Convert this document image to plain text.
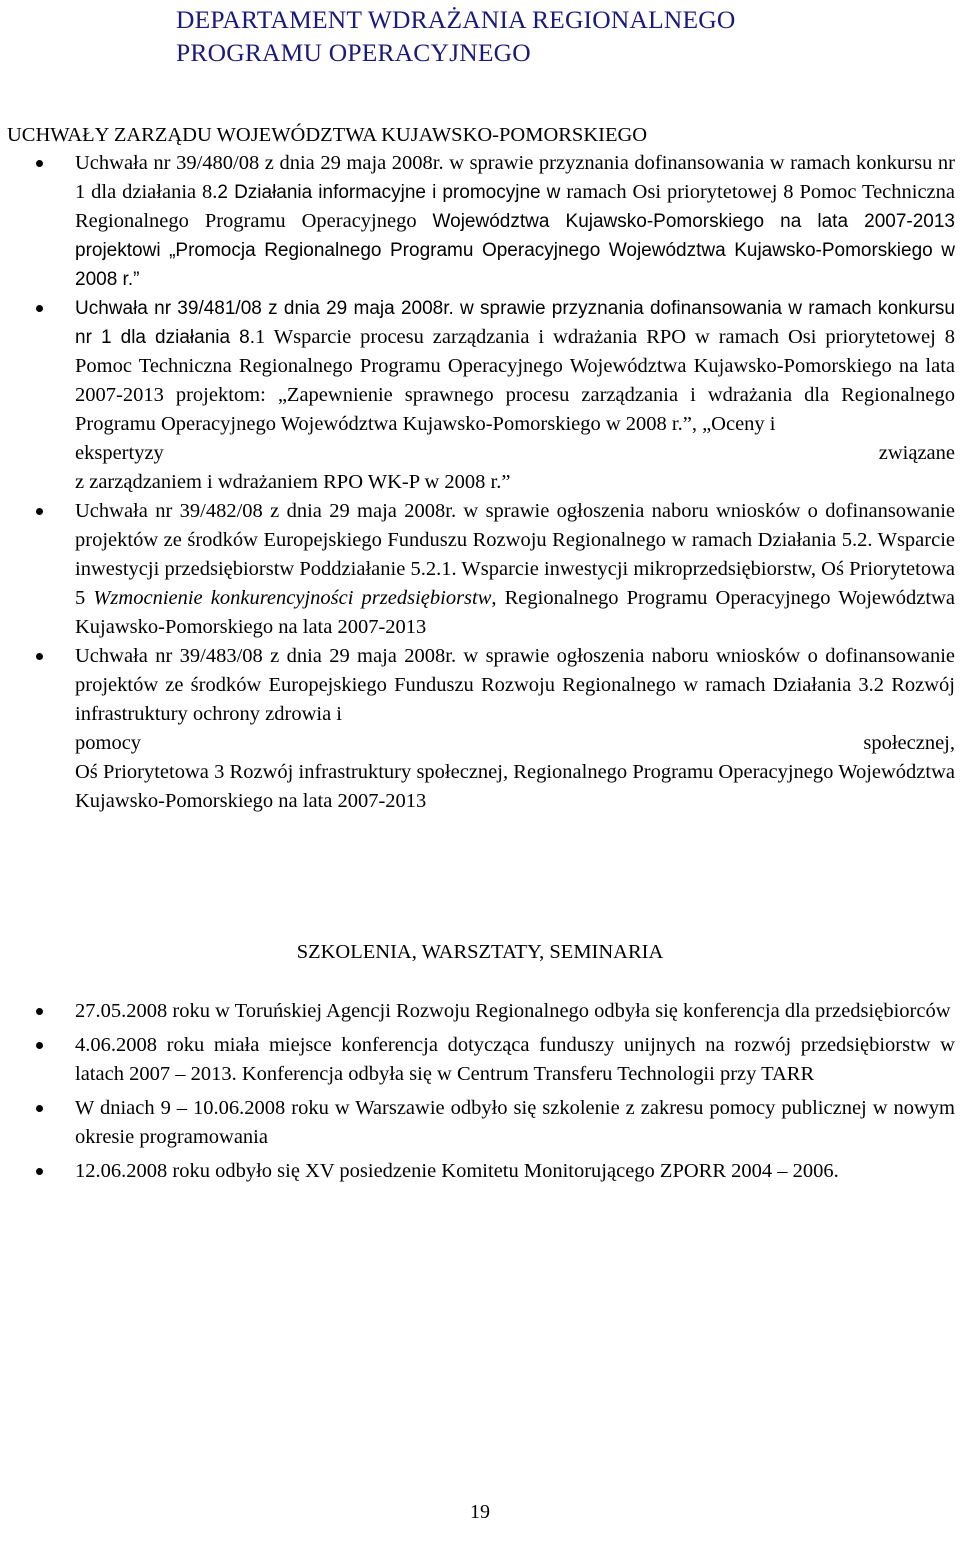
DEPARTAMENT WDRAŻANIA REGIONALNEGO
PROGRAMU OPERACYJNEGO
UCHWAŁY ZARZĄDU WOJEWÓDZTWA KUJAWSKO-POMORSKIEGO

Uchwała nr 39/480/08 z dnia 29 maja 2008r. w sprawie przyznania dofinansowania w ramach konkursu nr 1 dla działania 8.2 Działania informacyjne i promocyjne w ramach Osi priorytetowej 8 Pomoc Techniczna Regionalnego Programu Operacyjnego Województwa Kujawsko-Pomorskiego na lata 2007-2013 projektowi „Promocja Regionalnego Programu Operacyjnego Województwa Kujawsko-Pomorskiego w 2008 r.”

Uchwała nr 39/481/08 z dnia 29 maja 2008r. w sprawie przyznania dofinansowania w ramach konkursu nr 1 dla działania 8.1 Wsparcie procesu zarządzania i wdrażania RPO w ramach Osi priorytetowej 8 Pomoc Techniczna Regionalnego Programu Operacyjnego Województwa Kujawsko-Pomorskiego na lata 2007-2013 projektom: „Zapewnienie sprawnego procesu zarządzania i wdrażania dla Regionalnego Programu Operacyjnego Województwa Kujawsko-Pomorskiego w 2008 r.”, „Oceny i

ekspertyzy	związane

z zarządzaniem i wdrażaniem RPO WK-P w 2008 r.”

Uchwała nr 39/482/08 z dnia 29 maja 2008r. w sprawie ogłoszenia naboru wniosków o dofinansowanie projektów ze środków Europejskiego Funduszu Rozwoju Regionalnego w ramach Działania 5.2. Wsparcie inwestycji przedsiębiorstw Poddziałanie 5.2.1. Wsparcie inwestycji mikroprzedsiębiorstw, Oś Priorytetowa 5 Wzmocnienie konkurencyjności przedsiębiorstw, Regionalnego Programu Operacyjnego Województwa Kujawsko-Pomorskiego na lata 2007-2013

Uchwała nr 39/483/08 z dnia 29 maja 2008r. w sprawie ogłoszenia naboru wniosków o dofinansowanie projektów ze środków Europejskiego Funduszu Rozwoju Regionalnego w ramach Działania 3.2 Rozwój infrastruktury ochrony zdrowia i

pomocy	społecznej,

Oś Priorytetowa 3 Rozwój infrastruktury społecznej, Regionalnego Programu Operacyjnego Województwa Kujawsko-Pomorskiego na lata 2007-2013

SZKOLENIA, WARSZTATY, SEMINARIA

27.05.2008 roku w Toruńskiej Agencji Rozwoju Regionalnego odbyła się konferencja dla przedsiębiorców

4.06.2008 roku miała miejsce konferencja dotycząca funduszy unijnych na rozwój przedsiębiorstw w latach 2007 – 2013. Konferencja odbyła się w Centrum Transferu Technologii przy TARR

W dniach 9 – 10.06.2008 roku w Warszawie odbyło się szkolenie z zakresu pomocy publicznej w nowym okresie programowania

12.06.2008 roku odbyło się XV posiedzenie Komitetu Monitorującego ZPORR 2004 – 2006.

19
